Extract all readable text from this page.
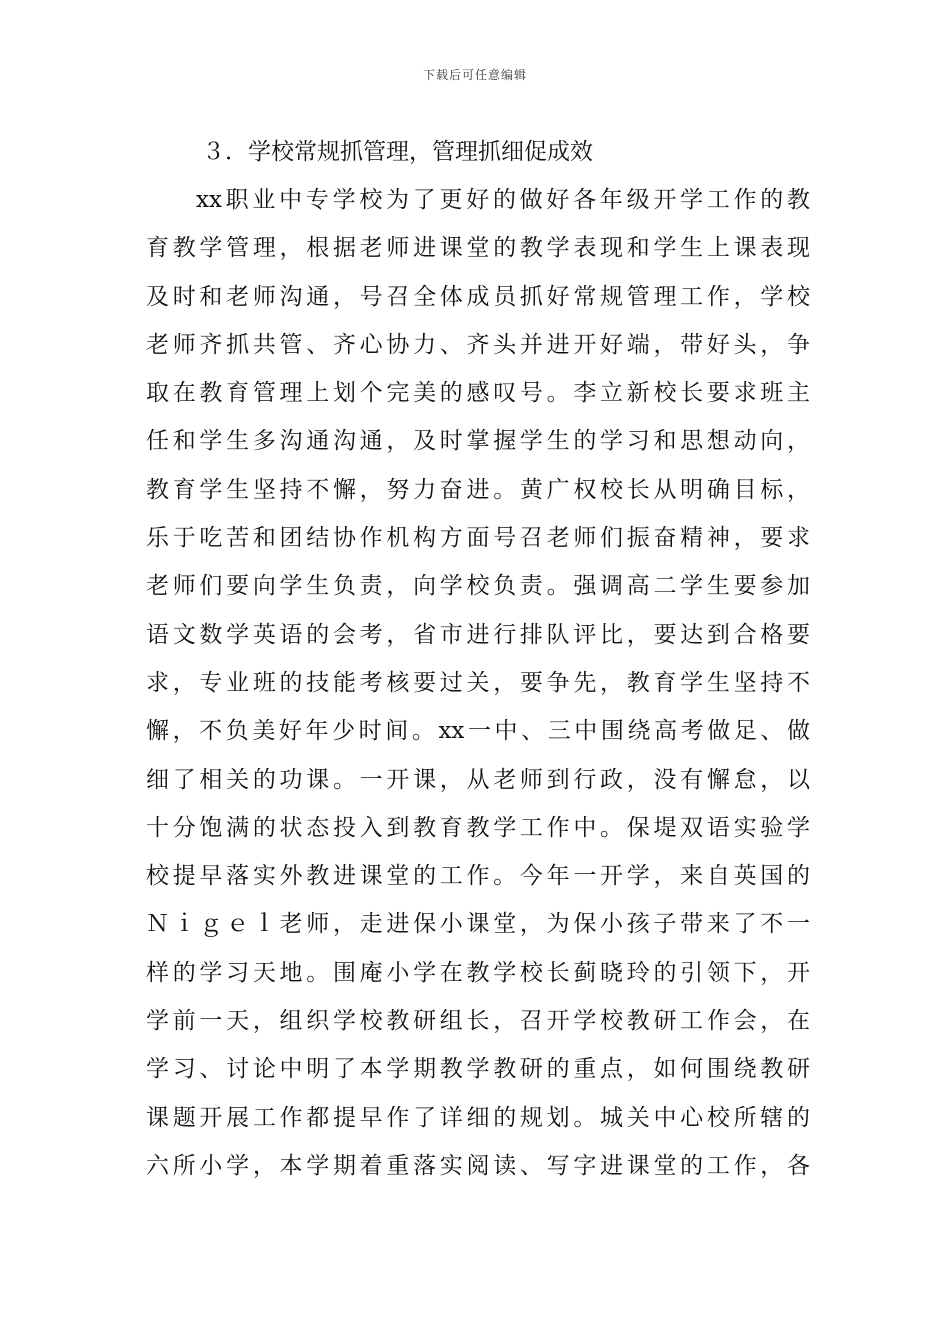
下载后可任意编辑
３．学校常规抓管理，管理抓细促成效
xx职业中专学校为了更好的做好各年级开学工作的教
育教学管理，根据老师进课堂的教学表现和学生上课表现
及时和老师沟通，号召全体成员抓好常规管理工作，学校
老师齐抓共管、齐心协力、齐头并进开好端，带好头，争
取在教育管理上划个完美的感叹号。李立新校长要求班主
任和学生多沟通沟通，及时掌握学生的学习和思想动向，
教育学生坚持不懈，努力奋进。黄广权校长从明确目标，
乐于吃苦和团结协作机构方面号召老师们振奋精神，要求
老师们要向学生负责，向学校负责。强调高二学生要参加
语文数学英语的会考，省市进行排队评比，要达到合格要
求，专业班的技能考核要过关，要争先，教育学生坚持不
懈，不负美好年少时间。xx一中、三中围绕高考做足、做
细了相关的功课。一开课，从老师到行政，没有懈怠，以
十分饱满的状态投入到教育教学工作中。保堤双语实验学
校提早落实外教进课堂的工作。今年一开学，来自英国的
Ｎｉｇｅｌ老师，走进保小课堂，为保小孩子带来了不一
样的学习天地。围庵小学在教学校长蓟晓玲的引领下，开
学前一天，组织学校教研组长，召开学校教研工作会，在
学习、讨论中明了本学期教学教研的重点，如何围绕教研
课题开展工作都提早作了详细的规划。城关中心校所辖的
六所小学，本学期着重落实阅读、写字进课堂的工作，各
